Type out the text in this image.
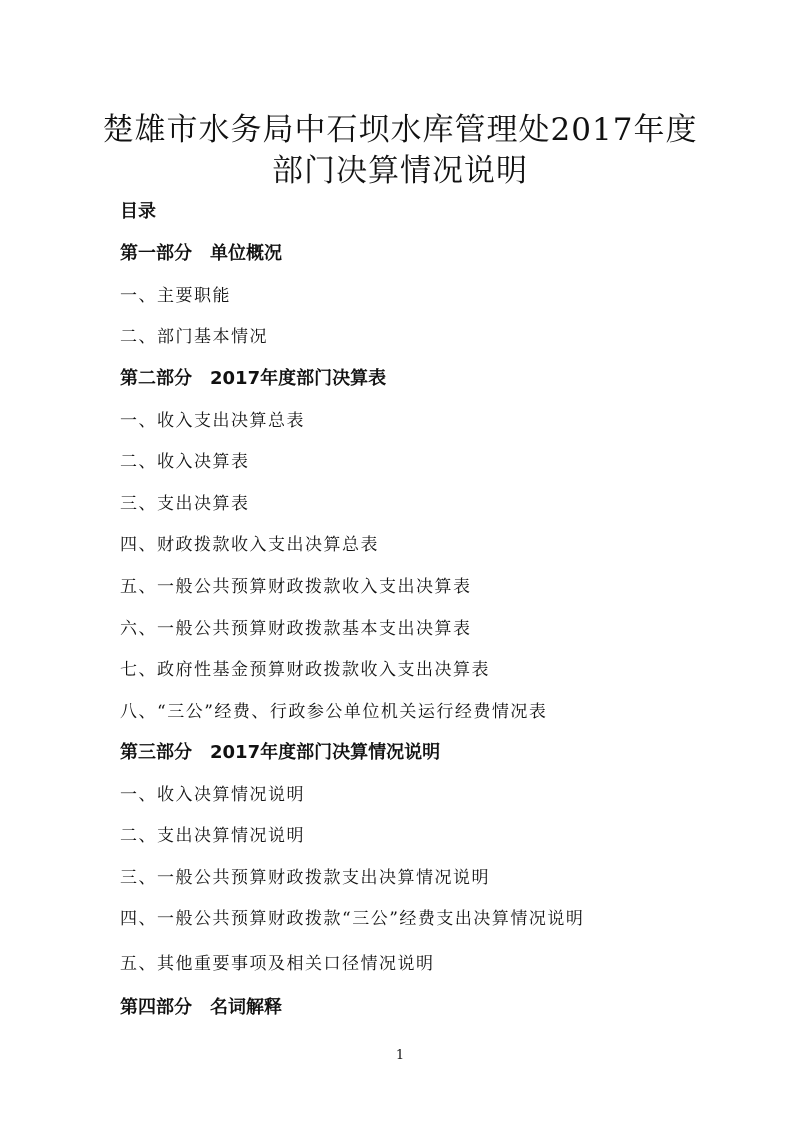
楚雄市水务局中石坝水库管理处2017年度
部门决算情况说明
目录
第一部分　单位概况
一、主要职能
二、部门基本情况
第二部分　2017年度部门决算表
一、收入支出决算总表
二、收入决算表
三、支出决算表
四、财政拨款收入支出决算总表
五、一般公共预算财政拨款收入支出决算表
六、一般公共预算财政拨款基本支出决算表
七、政府性基金预算财政拨款收入支出决算表
八、“三公”经费、行政参公单位机关运行经费情况表
第三部分　2017年度部门决算情况说明
一、收入决算情况说明
二、支出决算情况说明
三、一般公共预算财政拨款支出决算情况说明
四、一般公共预算财政拨款“三公”经费支出决算情况说明
五、其他重要事项及相关口径情况说明
第四部分　名词解释
1
